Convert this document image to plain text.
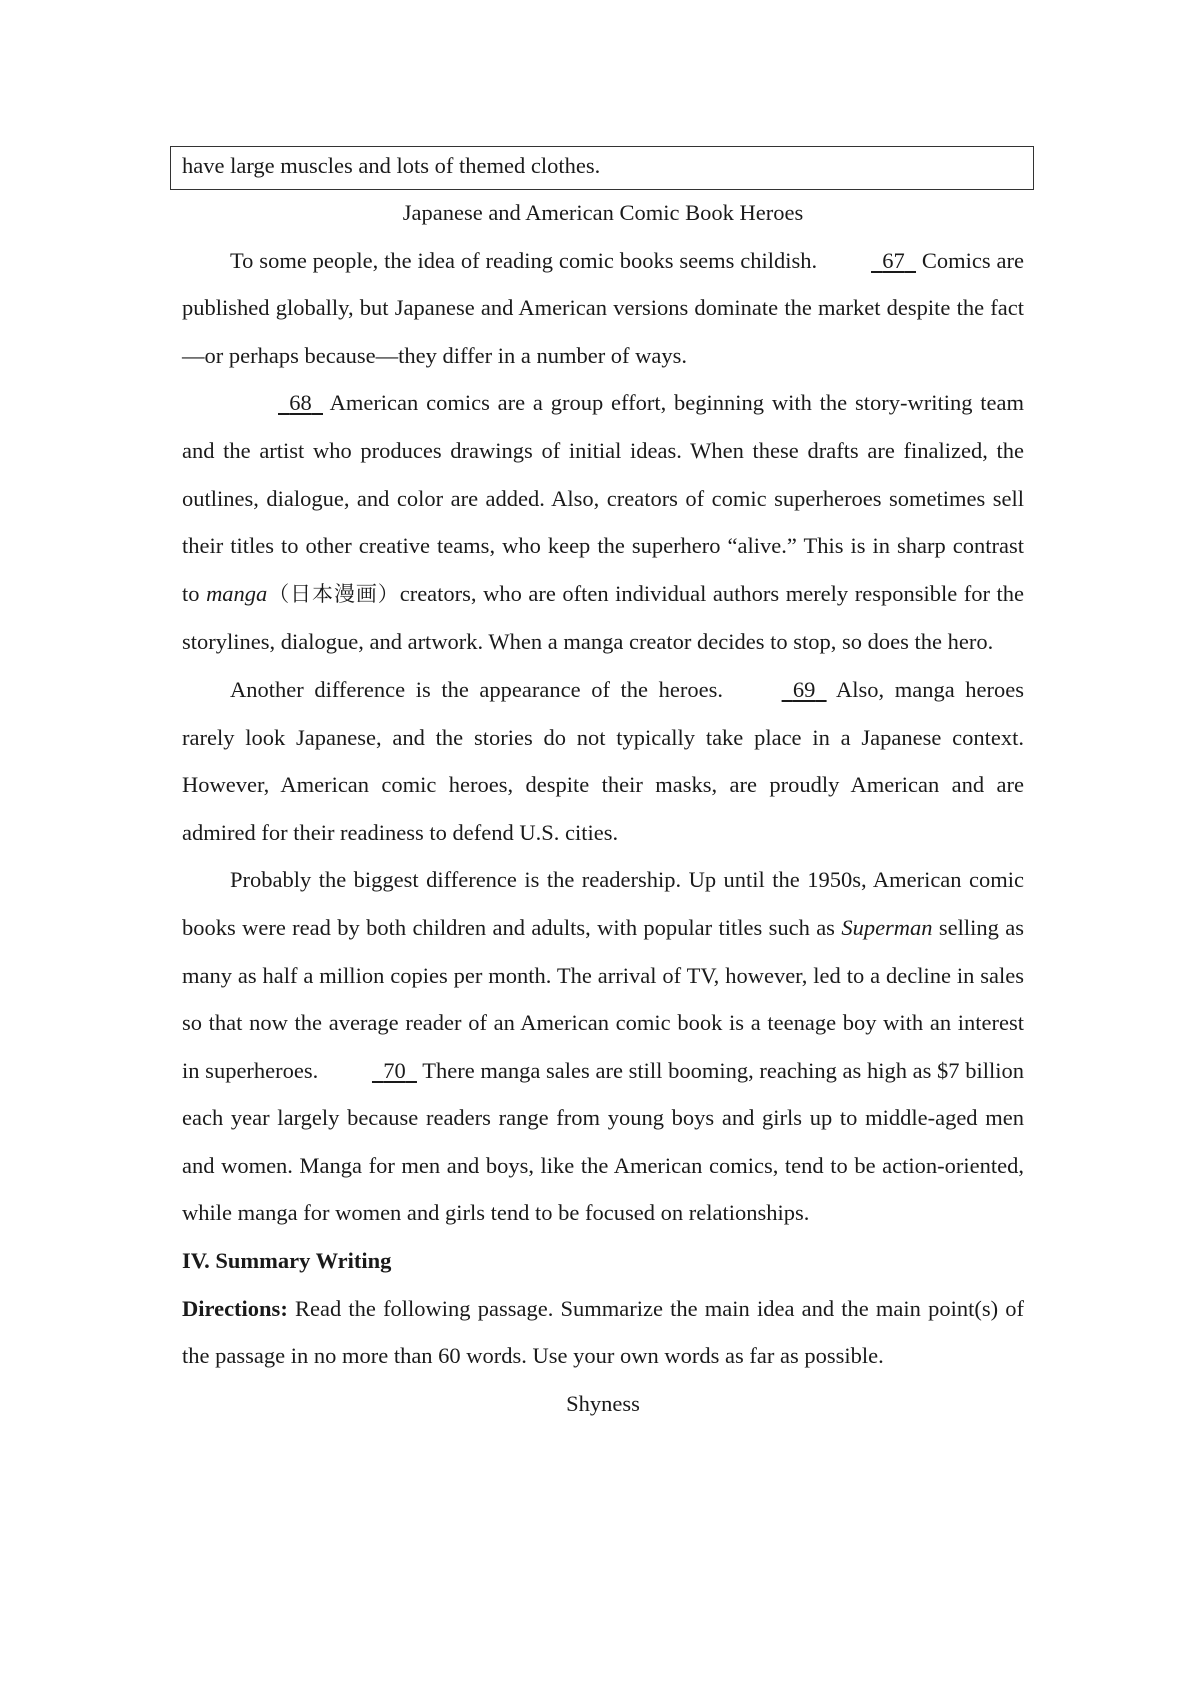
have large muscles and lots of themed clothes.

Japanese and American Comic Book Heroes

To some people, the idea of reading comic books seems childish.	67 Comics are published globally, but Japanese and American versions dominate the market despite the fact—or perhaps because—they differ in a number of ways.

68 American comics are a group effort, beginning with the story-writing team and the artist who produces drawings of initial ideas. When these drafts are finalized, the outlines, dialogue, and color are added. Also, creators of comic superheroes sometimes sell their titles to other creative teams, who keep the superhero “alive.” This is in sharp contrast to manga（日本漫画）creators, who are often individual authors merely responsible for the storylines, dialogue, and artwork. When a manga creator decides to stop, so does the hero.

Another difference is the appearance of the heroes.	69 Also, manga heroes rarely look Japanese, and the stories do not typically take place in a Japanese context. However, American comic heroes, despite their masks, are proudly American and are admired for their readiness to defend U.S. cities.

Probably the biggest difference is the readership. Up until the 1950s, American comic books were read by both children and adults, with popular titles such as Superman selling as many as half a million copies per month. The arrival of TV, however, led to a decline in sales so that now the average reader of an American comic book is a teenage boy with an interest in superheroes.	70 There manga sales are still booming, reaching as high as $7 billion each year largely because readers range from young boys and girls up to middle-aged men and women. Manga for men and boys, like the American comics, tend to be action-oriented, while manga for women and girls tend to be focused on relationships.

IV. Summary Writing

Directions: Read the following passage. Summarize the main idea and the main point(s) of the passage in no more than 60 words. Use your own words as far as possible.

Shyness
